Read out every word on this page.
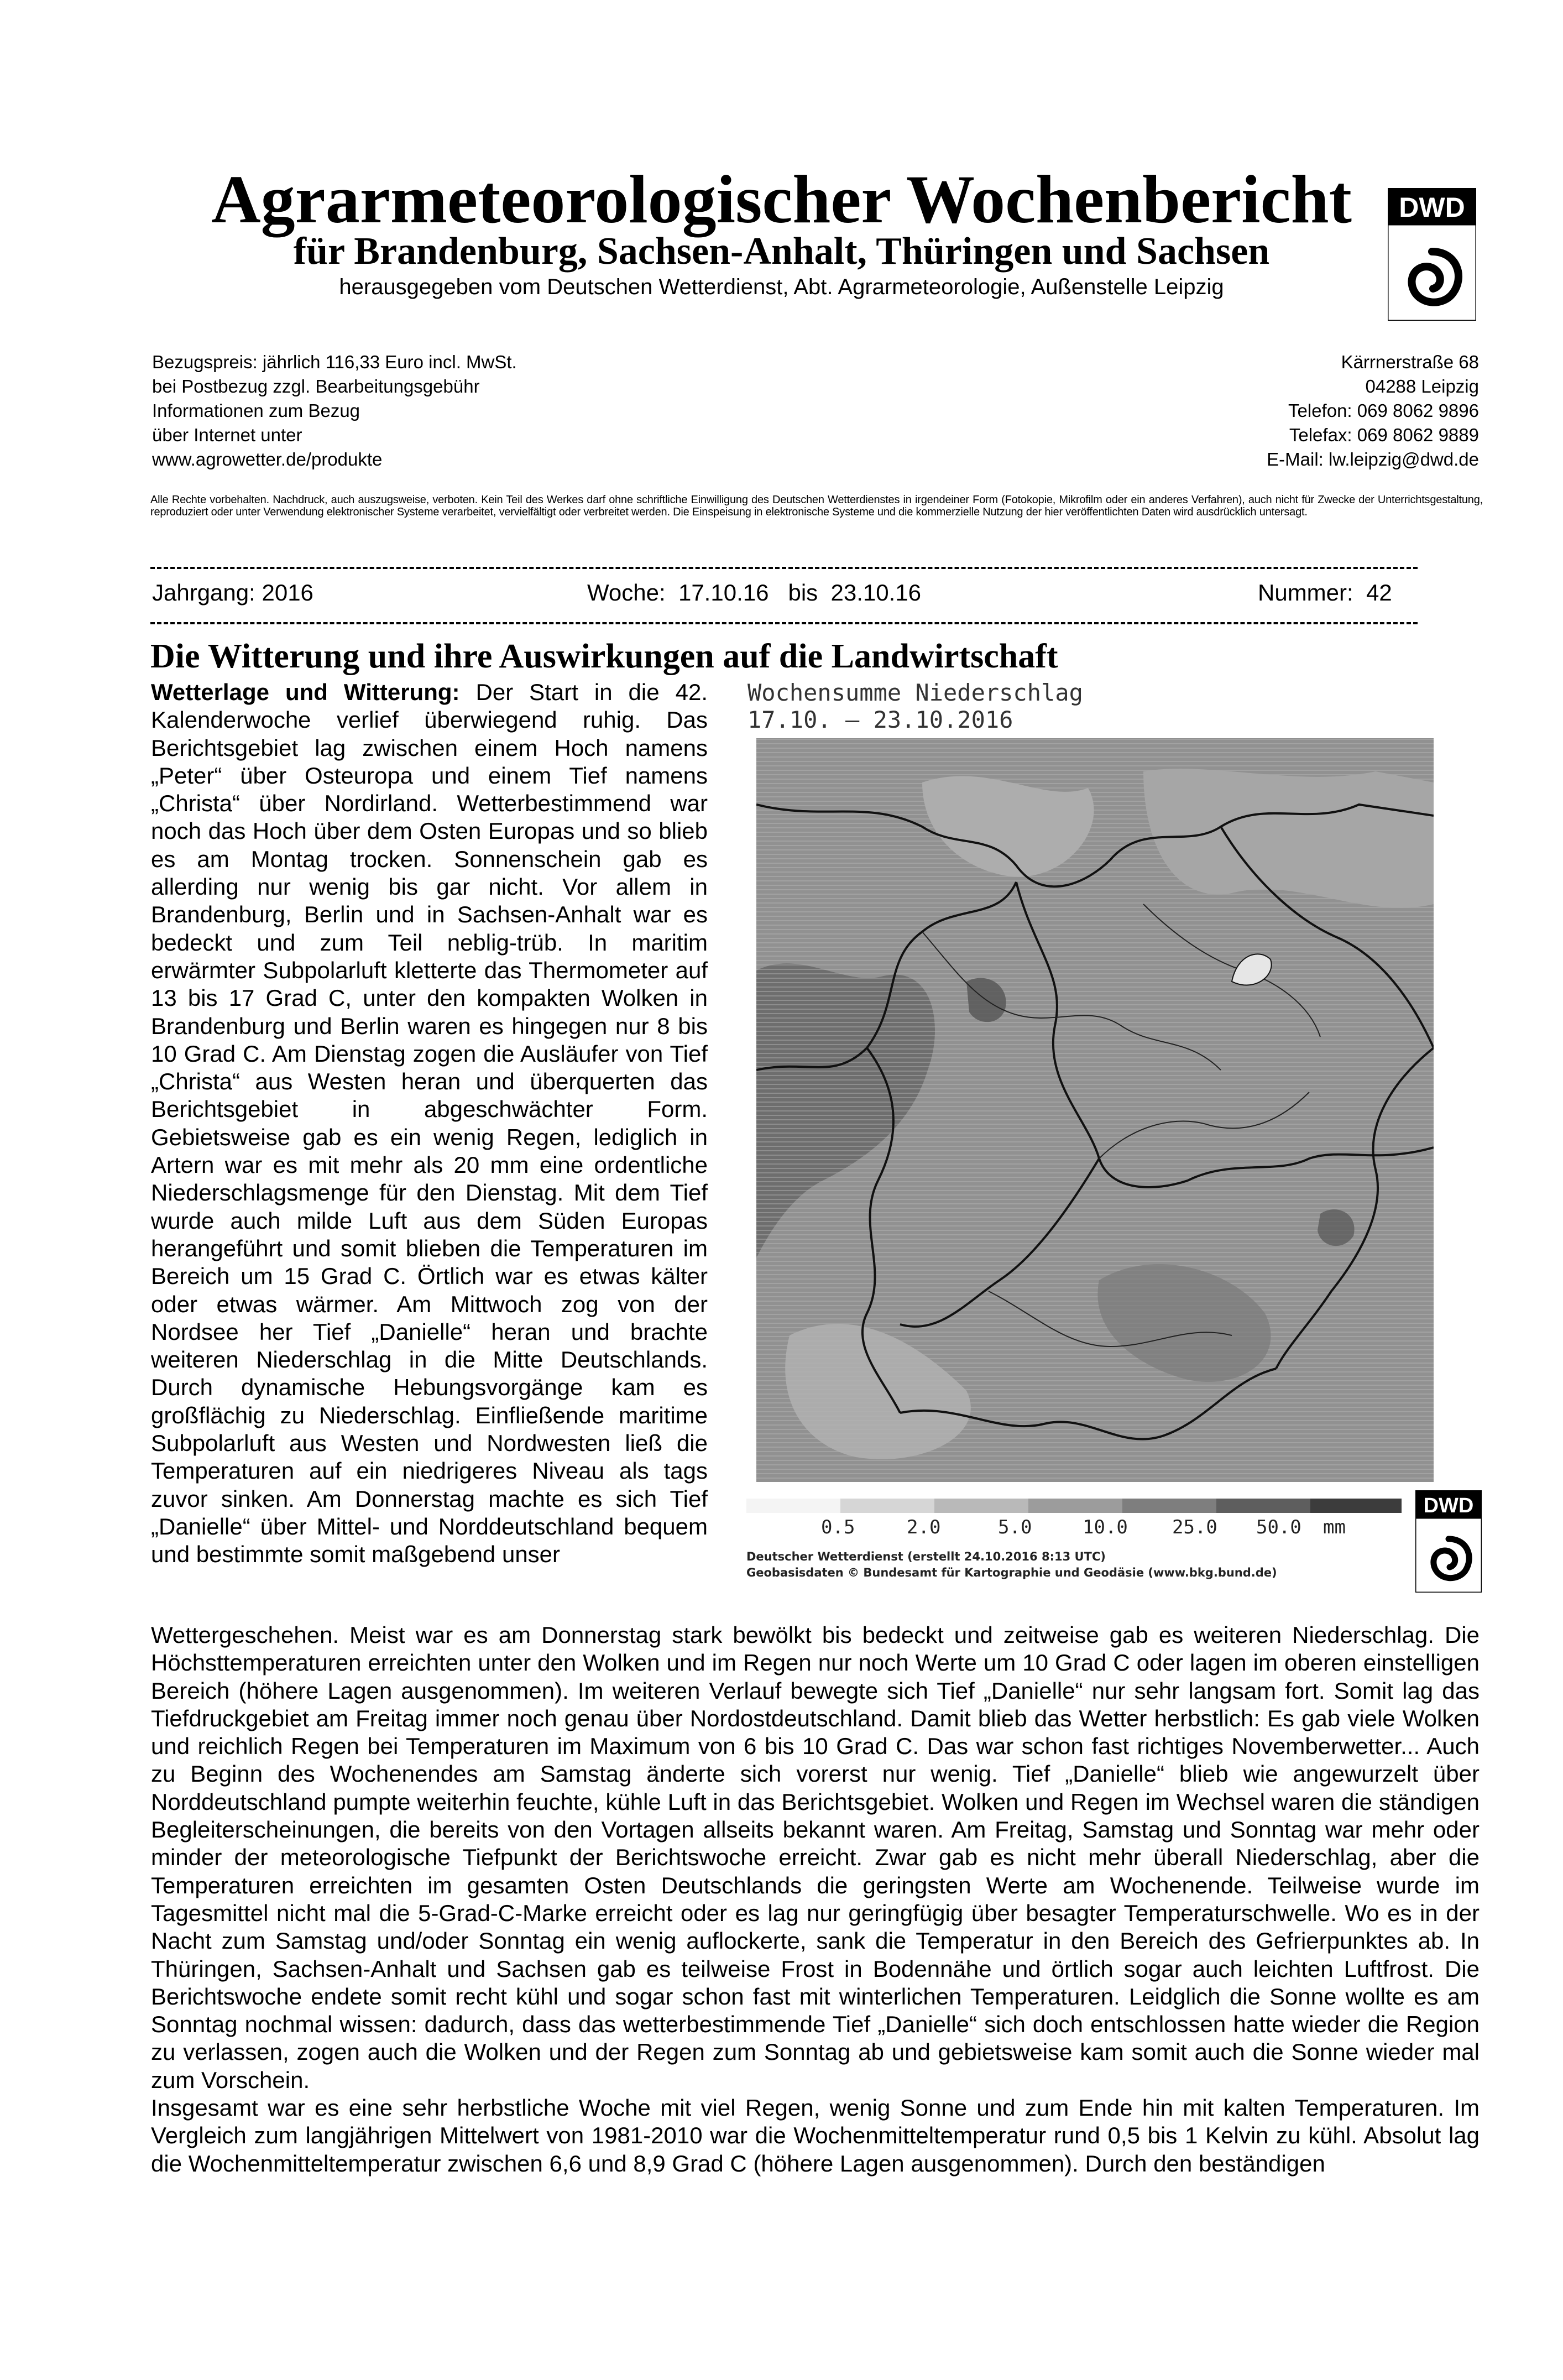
Agrarmeteorologischer Wochenbericht
für Brandenburg, Sachsen-Anhalt, Thüringen und Sachsen
herausgegeben vom Deutschen Wetterdienst, Abt. Agrarmeteorologie, Außenstelle Leipzig
DWD
Bezugspreis: jährlich 116,33 Euro incl. MwSt.
bei Postbezug zzgl. Bearbeitungsgebühr
Informationen zum Bezug
über Internet unter
www.agrowetter.de/produkte
Kärrnerstraße 68
04288 Leipzig
Telefon: 069 8062 9896
Telefax: 069 8062 9889
E-Mail: lw.leipzig@dwd.de
Alle Rechte vorbehalten. Nachdruck, auch auszugsweise, verboten. Kein Teil des Werkes darf ohne schriftliche Einwilligung des Deutschen Wetterdienstes in irgendeiner Form (Fotokopie, Mikrofilm oder ein anderes Verfahren), auch nicht für Zwecke der Unterrichtsgestaltung, reproduziert oder unter Verwendung elektronischer Systeme verarbeitet, vervielfältigt oder verbreitet werden. Die Einspeisung in elektronische Systeme und die kommerzielle Nutzung der hier veröffentlichten Daten wird ausdrücklich untersagt.
Jahrgang: 2016	Woche:  17.10.16   bis  23.10.16	Nummer:  42
Die Witterung und ihre Auswirkungen auf die Landwirtschaft

Wetterlage und Witterung: Der Start in die 42. Kalenderwoche verlief überwiegend ruhig. Das Berichtsgebiet lag zwischen einem Hoch namens „Peter“ über Osteuropa und einem Tief namens „Christa“ über Nordirland. Wetterbestimmend war noch das Hoch über dem Osten Europas und so blieb es am Montag trocken. Sonnenschein gab es allerding nur wenig bis gar nicht. Vor allem in Brandenburg, Berlin und in Sachsen-Anhalt war es bedeckt und zum Teil neblig-trüb. In maritim erwärmter Subpolarluft kletterte das Thermometer auf 13 bis 17 Grad C, unter den kompakten Wolken in Brandenburg und Berlin waren es hingegen nur 8 bis 10 Grad C. Am Dienstag zogen die Ausläufer von Tief „Christa“ aus Westen heran und überquerten das Berichtsgebiet in abgeschwächter Form. Gebietsweise gab es ein wenig Regen, lediglich in Artern war es mit mehr als 20 mm eine ordentliche Niederschlagsmenge für den Dienstag. Mit dem Tief wurde auch milde Luft aus dem Süden Europas herangeführt und somit blieben die Temperaturen im Bereich um 15 Grad C. Örtlich war es etwas kälter oder etwas wärmer. Am Mittwoch zog von der Nordsee her Tief „Danielle“ heran und brachte weiteren Niederschlag in die Mitte Deutschlands. Durch dynamische Hebungsvorgänge kam es großflächig zu Niederschlag. Einfließende maritime Subpolarluft aus Westen und Nordwesten ließ die Temperaturen auf ein niedrigeres Niveau als tags zuvor sinken. Am Donnerstag machte es sich Tief „Danielle“ über Mittel- und Norddeutschland bequem und bestimmte somit maßgebend unser

Wochensumme Niederschlag
17.10. – 23.10.2016
0.5	2.0	5.0	10.0 25.0 50.0 mm
DWD
Deutscher Wetterdienst (erstellt 24.10.2016 8:13 UTC)
Geobasisdaten © Bundesamt für Kartographie und Geodäsie (www.bkg.bund.de)

Wettergeschehen. Meist war es am Donnerstag stark bewölkt bis bedeckt und zeitweise gab es weiteren Niederschlag. Die Höchsttemperaturen erreichten unter den Wolken und im Regen nur noch Werte um 10 Grad C oder lagen im oberen einstelligen Bereich (höhere Lagen ausgenommen). Im weiteren Verlauf bewegte sich Tief „Danielle“ nur sehr langsam fort. Somit lag das Tiefdruckgebiet am Freitag immer noch genau über Nordostdeutschland. Damit blieb das Wetter herbstlich: Es gab viele Wolken und reichlich Regen bei Temperaturen im Maximum von 6 bis 10 Grad C. Das war schon fast richtiges Novemberwetter... Auch zu Beginn des Wochenendes am Samstag änderte sich vorerst nur wenig. Tief „Danielle“ blieb wie angewurzelt über Norddeutschland pumpte weiterhin feuchte, kühle Luft in das Berichtsgebiet. Wolken und Regen im Wechsel waren die ständigen Begleiterscheinungen, die bereits von den Vortagen allseits bekannt waren. Am Freitag, Samstag und Sonntag war mehr oder minder der meteorologische Tiefpunkt der Berichtswoche erreicht. Zwar gab es nicht mehr überall Niederschlag, aber die Temperaturen erreichten im gesamten Osten Deutschlands die geringsten Werte am Wochenende. Teilweise wurde im Tagesmittel nicht mal die 5-Grad-C-Marke erreicht oder es lag nur geringfügig über besagter Temperaturschwelle. Wo es in der Nacht zum Samstag und/oder Sonntag ein wenig auflockerte, sank die Temperatur in den Bereich des Gefrierpunktes ab. In Thüringen, Sachsen-Anhalt und Sachsen gab es teilweise Frost in Bodennähe und örtlich sogar auch leichten Luftfrost. Die Berichtswoche endete somit recht kühl und sogar schon fast mit winterlichen Temperaturen. Leidglich die Sonne wollte es am Sonntag nochmal wissen: dadurch, dass das wetterbestimmende Tief „Danielle“ sich doch entschlossen hatte wieder die Region zu verlassen, zogen auch die Wolken und der Regen zum Sonntag ab und gebietsweise kam somit auch die Sonne wieder mal zum Vorschein.

Insgesamt war es eine sehr herbstliche Woche mit viel Regen, wenig Sonne und zum Ende hin mit kalten Temperaturen. Im Vergleich zum langjährigen Mittelwert von 1981-2010 war die Wochenmitteltemperatur rund 0,5 bis 1 Kelvin zu kühl. Absolut lag die Wochenmitteltemperatur zwischen 6,6 und 8,9 Grad C (höhere Lagen ausgenommen). Durch den beständigen
